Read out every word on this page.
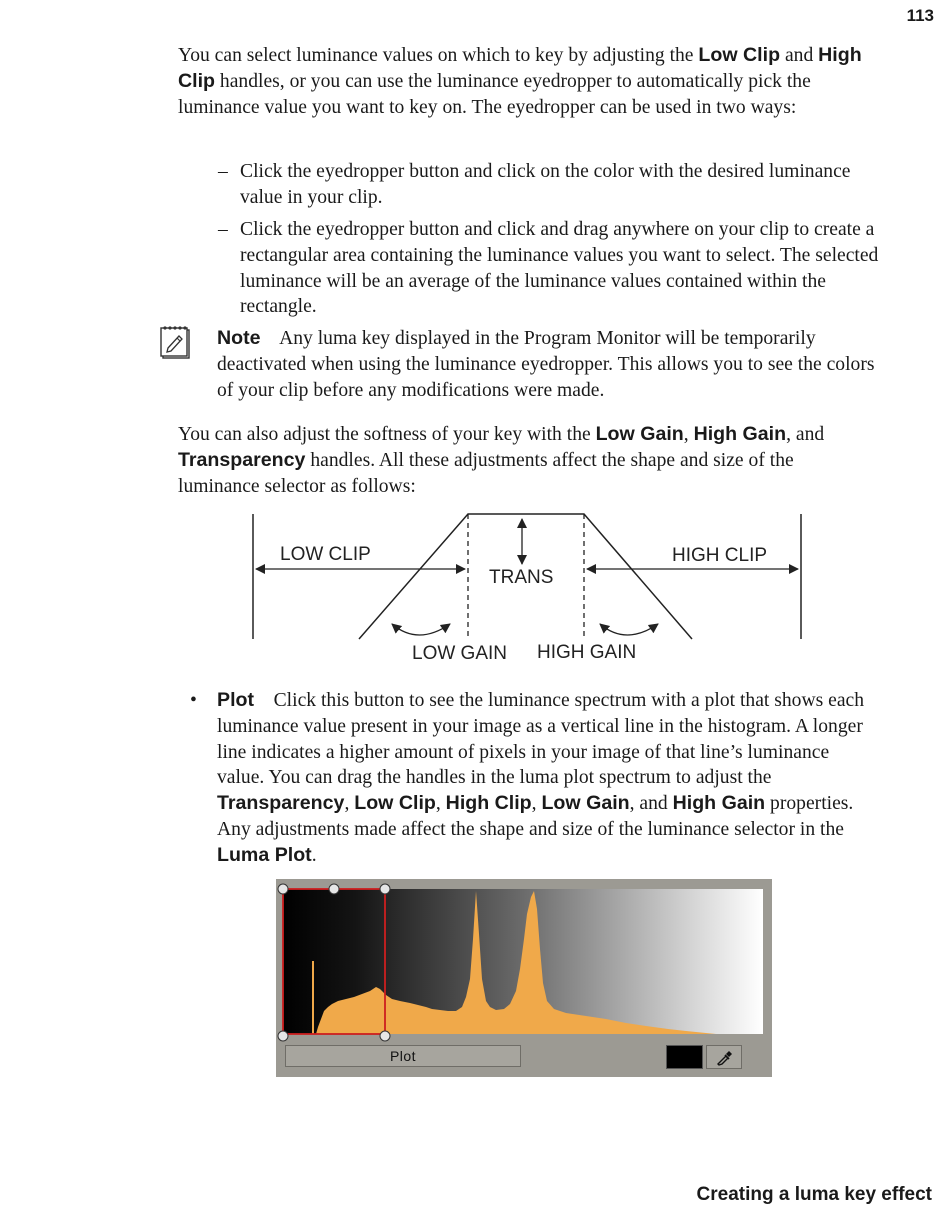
113

You can select luminance values on which to key by adjusting the Low Clip and High Clip handles, or you can use the luminance eyedropper to automatically pick the luminance value you want to key on. The eyedropper can be used in two ways:

– Click the eyedropper button and click on the color with the desired luminance value in your clip.
– Click the eyedropper button and click and drag anywhere on your clip to create a rectangular area containing the luminance values you want to select. The selected luminance will be an average of the luminance values contained within the rectangle.
Note Any luma key displayed in the Program Monitor will be temporarily deactivated when using the luminance eyedropper. This allows you to see the colors of your clip before any modifications were made.

You can also adjust the softness of your key with the Low Gain, High Gain, and Transparency handles. All these adjustments affect the shape and size of the luminance selector as follows:

LOW CLIP	HIGH CLIP
TRANS
LOW GAIN HIGH GAIN
• Plot Click this button to see the luminance spectrum with a plot that shows each luminance value present in your image as a vertical line in the histogram. A longer line indicates a higher amount of pixels in your image of that line’s luminance value. You can drag the handles in the luma plot spectrum to adjust the Transparency, Low Clip, High Clip, Low Gain, and High Gain properties. Any adjustments made affect the shape and size of the luminance selector in the Luma Plot.
Plot
Creating a luma key effect
